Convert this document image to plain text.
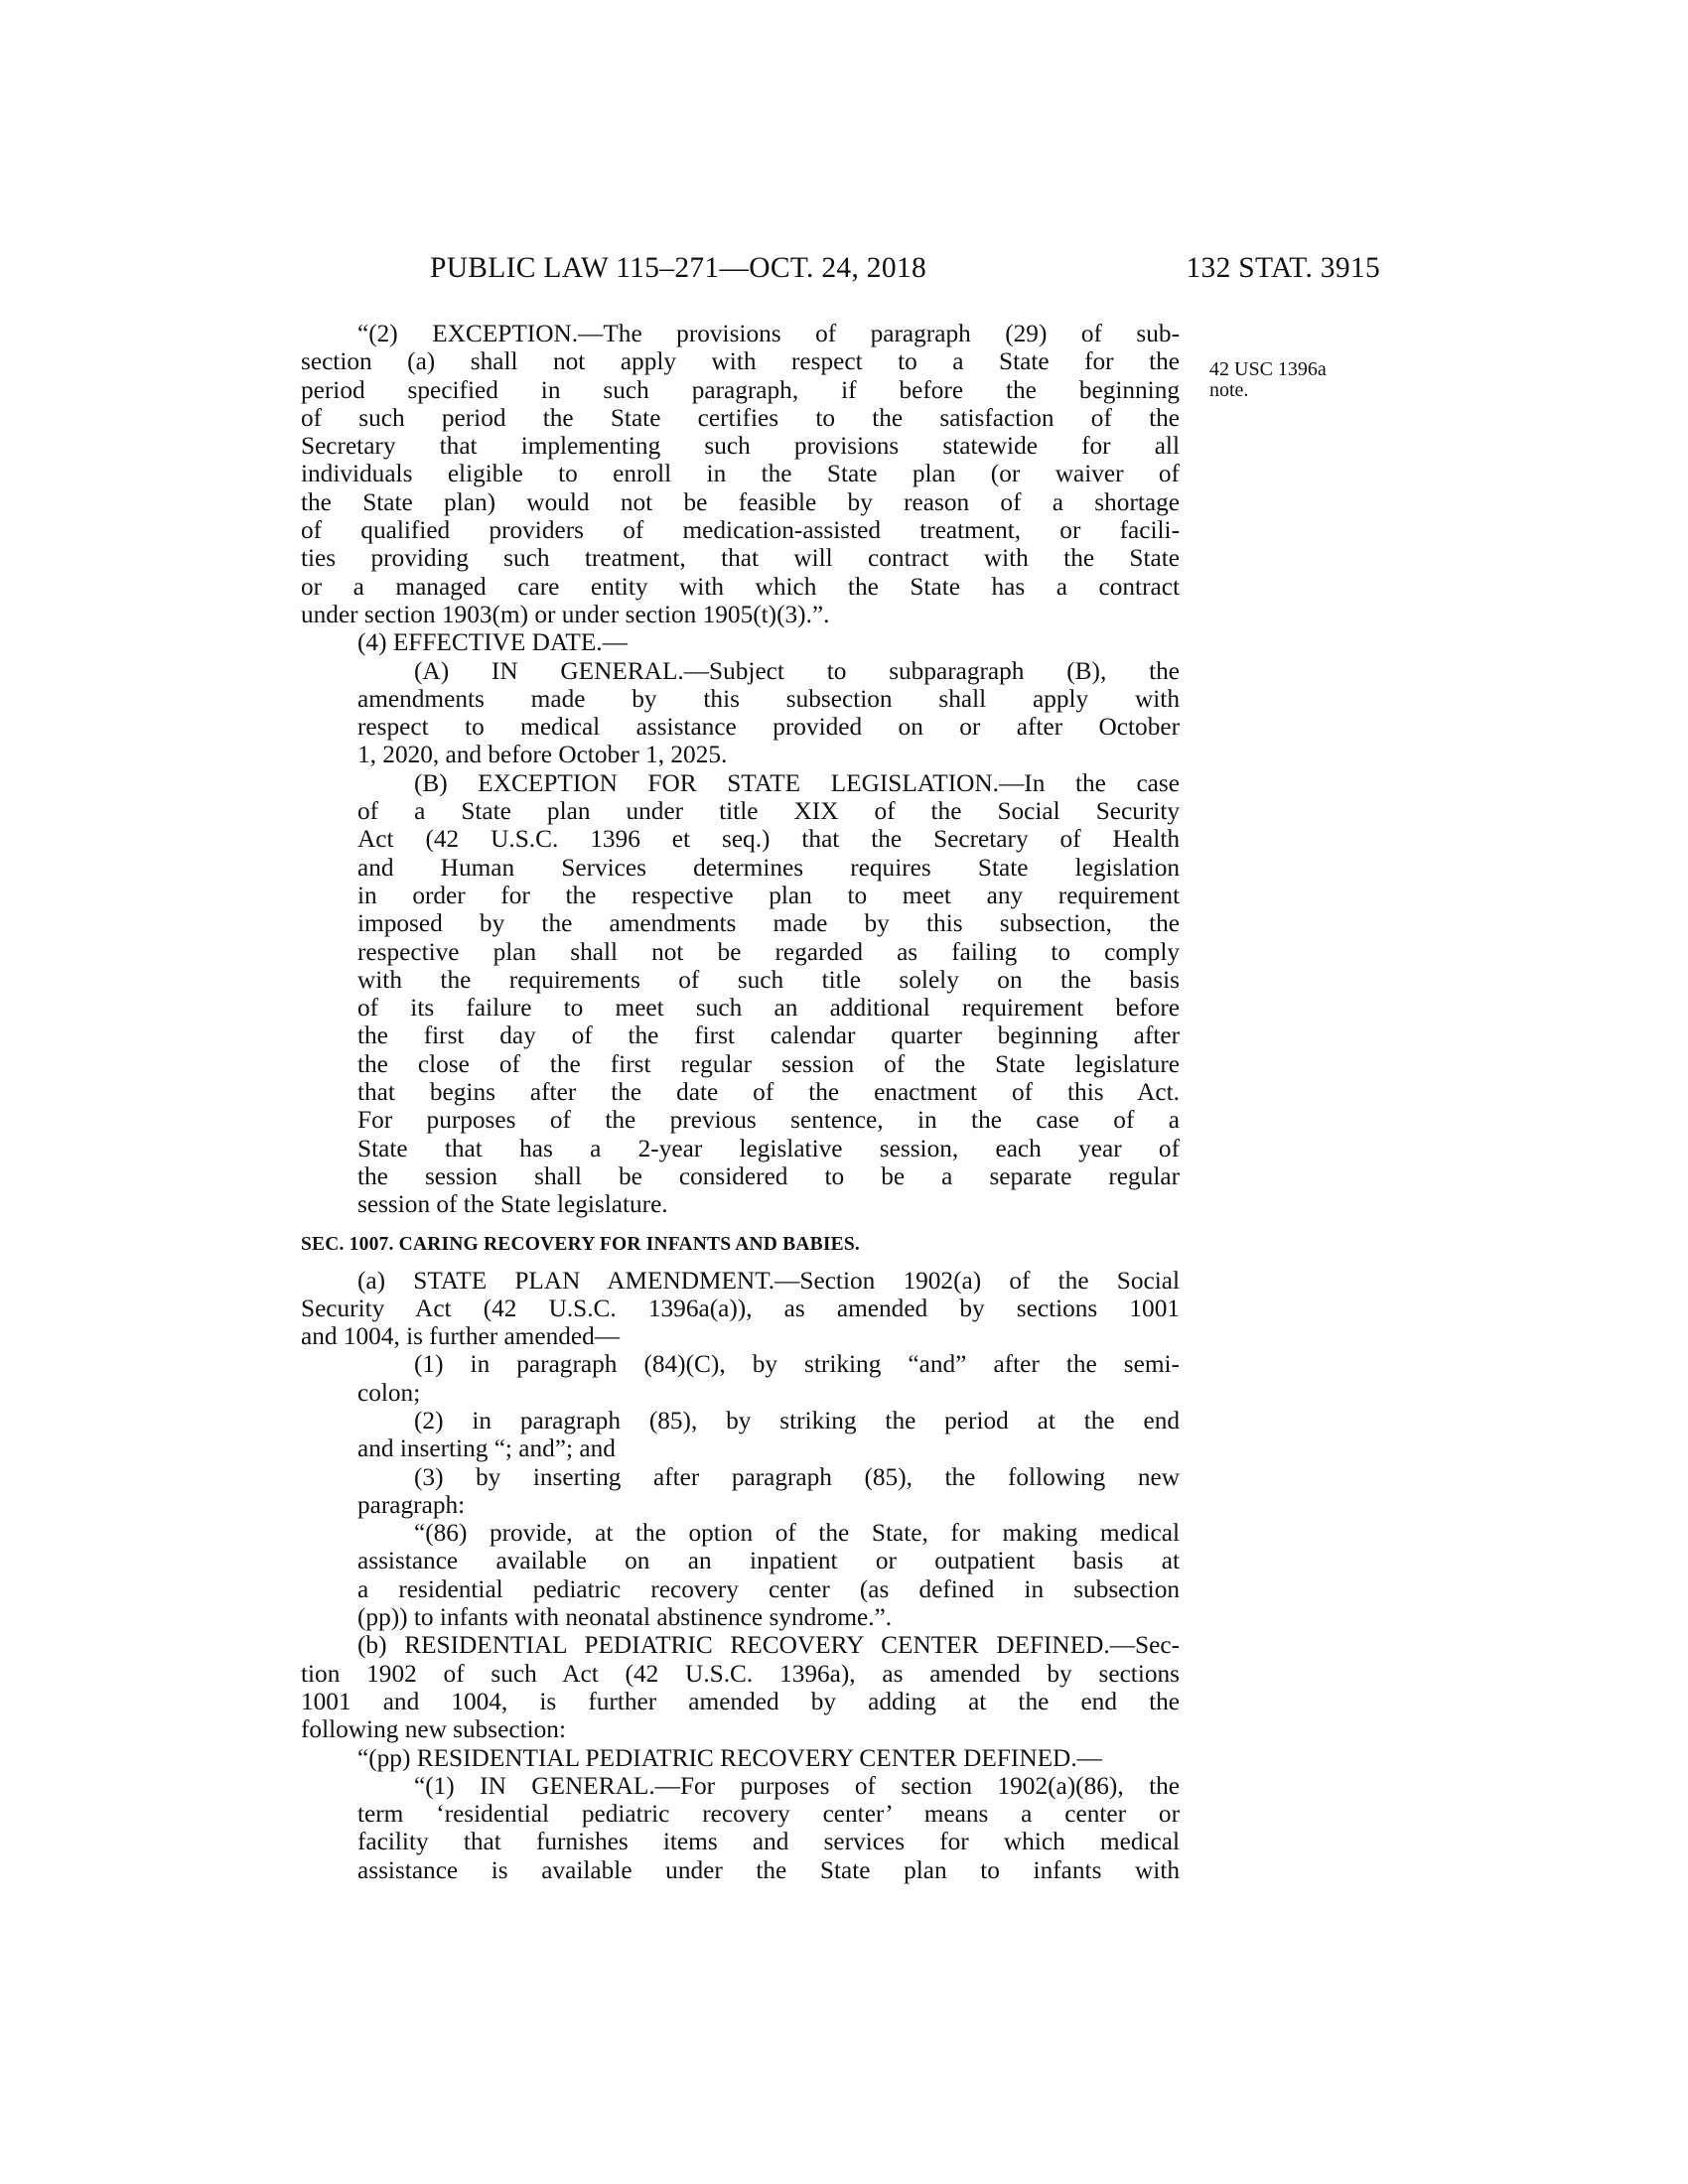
PUBLIC LAW 115–271—OCT. 24, 2018	132 STAT. 3915
42 USC 1396a
note.
“(2) EXCEPTION.—The provisions of paragraph (29) of sub-
section (a) shall not apply with respect to a State for the
period specified in such paragraph, if before the beginning
of such period the State certifies to the satisfaction of the
Secretary that implementing such provisions statewide for all
individuals eligible to enroll in the State plan (or waiver of
the State plan) would not be feasible by reason of a shortage
of qualified providers of medication-assisted treatment, or facili-
ties providing such treatment, that will contract with the State
or a managed care entity with which the State has a contract
under section 1903(m) or under section 1905(t)(3).”.
(4) EFFECTIVE DATE.—
(A) IN GENERAL.—Subject to subparagraph (B), the
amendments made by this subsection shall apply with
respect to medical assistance provided on or after October
1, 2020, and before October 1, 2025.
(B) EXCEPTION FOR STATE LEGISLATION.—In the case
of a State plan under title XIX of the Social Security
Act (42 U.S.C. 1396 et seq.) that the Secretary of Health
and Human Services determines requires State legislation
in order for the respective plan to meet any requirement
imposed by the amendments made by this subsection, the
respective plan shall not be regarded as failing to comply
with the requirements of such title solely on the basis
of its failure to meet such an additional requirement before
the first day of the first calendar quarter beginning after
the close of the first regular session of the State legislature
that begins after the date of the enactment of this Act.
For purposes of the previous sentence, in the case of a
State that has a 2-year legislative session, each year of
the session shall be considered to be a separate regular
session of the State legislature.
SEC. 1007. CARING RECOVERY FOR INFANTS AND BABIES.
(a) STATE PLAN AMENDMENT.—Section 1902(a) of the Social
Security Act (42 U.S.C. 1396a(a)), as amended by sections 1001
and 1004, is further amended—
(1) in paragraph (84)(C), by striking “and” after the semi-
colon;
(2) in paragraph (85), by striking the period at the end
and inserting “; and”; and
(3) by inserting after paragraph (85), the following new
paragraph:
“(86) provide, at the option of the State, for making medical
assistance available on an inpatient or outpatient basis at
a residential pediatric recovery center (as defined in subsection
(pp)) to infants with neonatal abstinence syndrome.”.
(b) RESIDENTIAL PEDIATRIC RECOVERY CENTER DEFINED.—Sec-
tion 1902 of such Act (42 U.S.C. 1396a), as amended by sections
1001 and 1004, is further amended by adding at the end the
following new subsection:
“(pp) RESIDENTIAL PEDIATRIC RECOVERY CENTER DEFINED.—
“(1) IN GENERAL.—For purposes of section 1902(a)(86), the
term ‘residential pediatric recovery center’ means a center or
facility that furnishes items and services for which medical
assistance is available under the State plan to infants with
